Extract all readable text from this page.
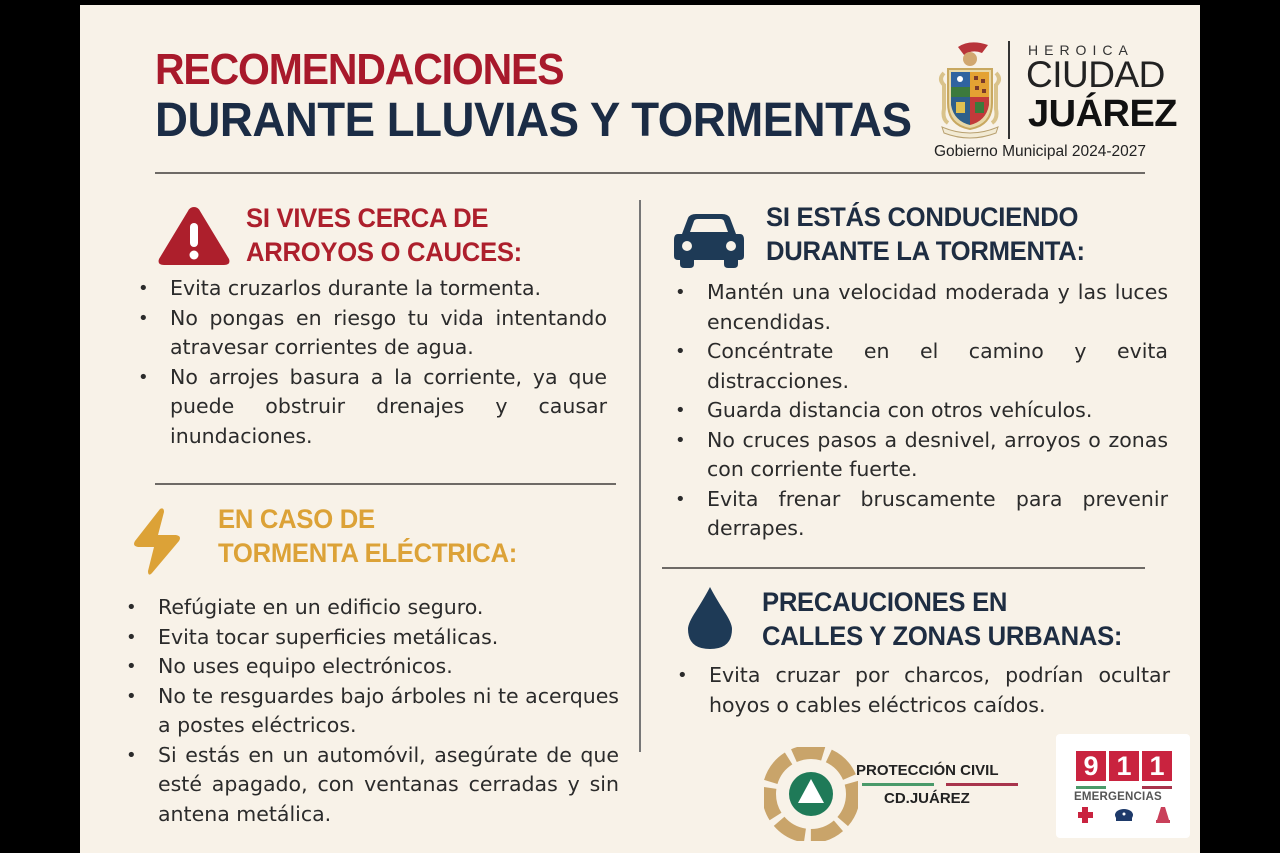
RECOMENDACIONES
DURANTE LLUVIAS Y TORMENTAS
HEROICA
CIUDAD
JUÁREZ
Gobierno Municipal 2024-2027
SI VIVES CERCA DE
ARROYOS O CAUCES:
• Evita cruzarlos durante la tormenta.
• No pongas en riesgo tu vida intentando atravesar corrientes de agua.
• No arrojes basura a la corriente, ya que puede obstruir drenajes y causar inundaciones.
EN CASO DE
TORMENTA ELÉCTRICA:
• Refúgiate en un edificio seguro.
• Evita tocar superficies metálicas.
• No uses equipo electrónicos.
• No te resguardes bajo árboles ni te acerques a postes eléctricos.
• Si estás en un automóvil, asegúrate de que esté apagado, con ventanas cerradas y sin antena metálica.
SI ESTÁS CONDUCIENDO
DURANTE LA TORMENTA:
• Mantén una velocidad moderada y las luces encendidas.
• Concéntrate en el camino y evita distracciones.
• Guarda distancia con otros vehículos.
• No cruces pasos a desnivel, arroyos o zonas con corriente fuerte.
• Evita frenar bruscamente para prevenir derrapes.
PRECAUCIONES EN
CALLES Y ZONAS URBANAS:
• Evita cruzar por charcos, podrían ocultar hoyos o cables eléctricos caídos.
PROTECCIÓN CIVIL
CD.JUÁREZ
9 1 1
EMERGENCIAS
